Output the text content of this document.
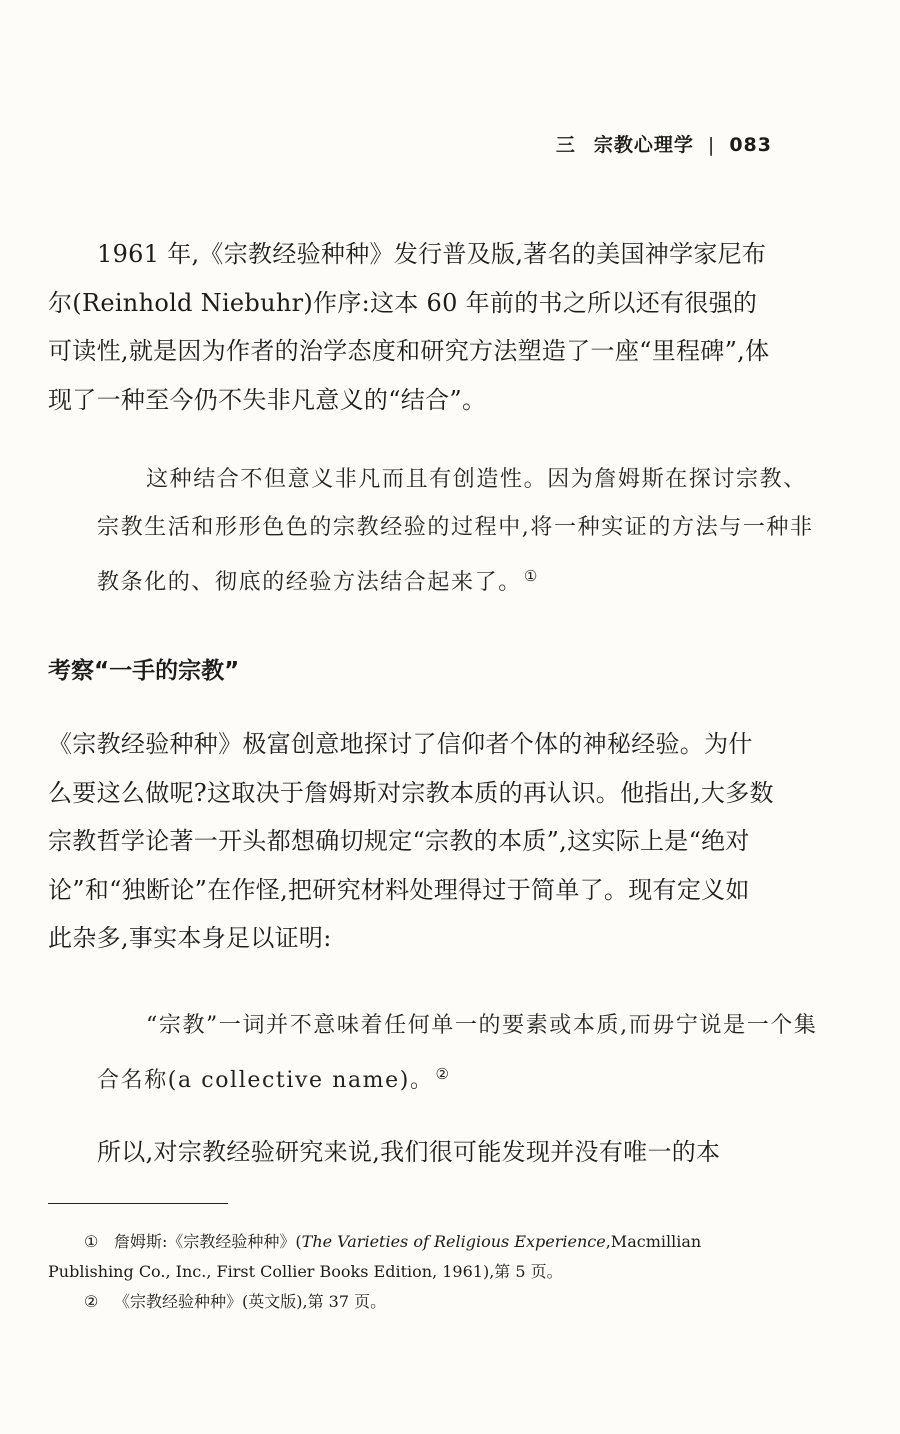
三 宗教心理学 | 083

1961 年,《宗教经验种种》发行普及版,著名的美国神学家尼布尔(Reinhold Niebuhr)作序:这本 60 年前的书之所以还有很强的可读性,就是因为作者的治学态度和研究方法塑造了一座“里程碑”,体现了一种至今仍不失非凡意义的“结合”。

这种结合不但意义非凡而且有创造性。因为詹姆斯在探讨宗教、宗教生活和形形色色的宗教经验的过程中,将一种实证的方法与一种非教条化的、彻底的经验方法结合起来了。 ①

考察“一手的宗教”

《宗教经验种种》极富创意地探讨了信仰者个体的神秘经验。为什么要这么做呢?这取决于詹姆斯对宗教本质的再认识。他指出,大多数宗教哲学论著一开头都想确切规定“宗教的本质”,这实际上是“绝对论”和“独断论”在作怪,把研究材料处理得过于简单了。现有定义如此杂多,事实本身足以证明:

“宗教”一词并不意味着任何单一的要素或本质,而毋宁说是一个集合名称(a collective name)。 ②

所以,对宗教经验研究来说,我们很可能发现并没有唯一的本

① 詹姆斯:《宗教经验种种》(The Varieties of Religious Experience,Macmillian Publishing Co., Inc., First Collier Books Edition, 1961),第 5 页。

② 《宗教经验种种》(英文版),第 37 页。
